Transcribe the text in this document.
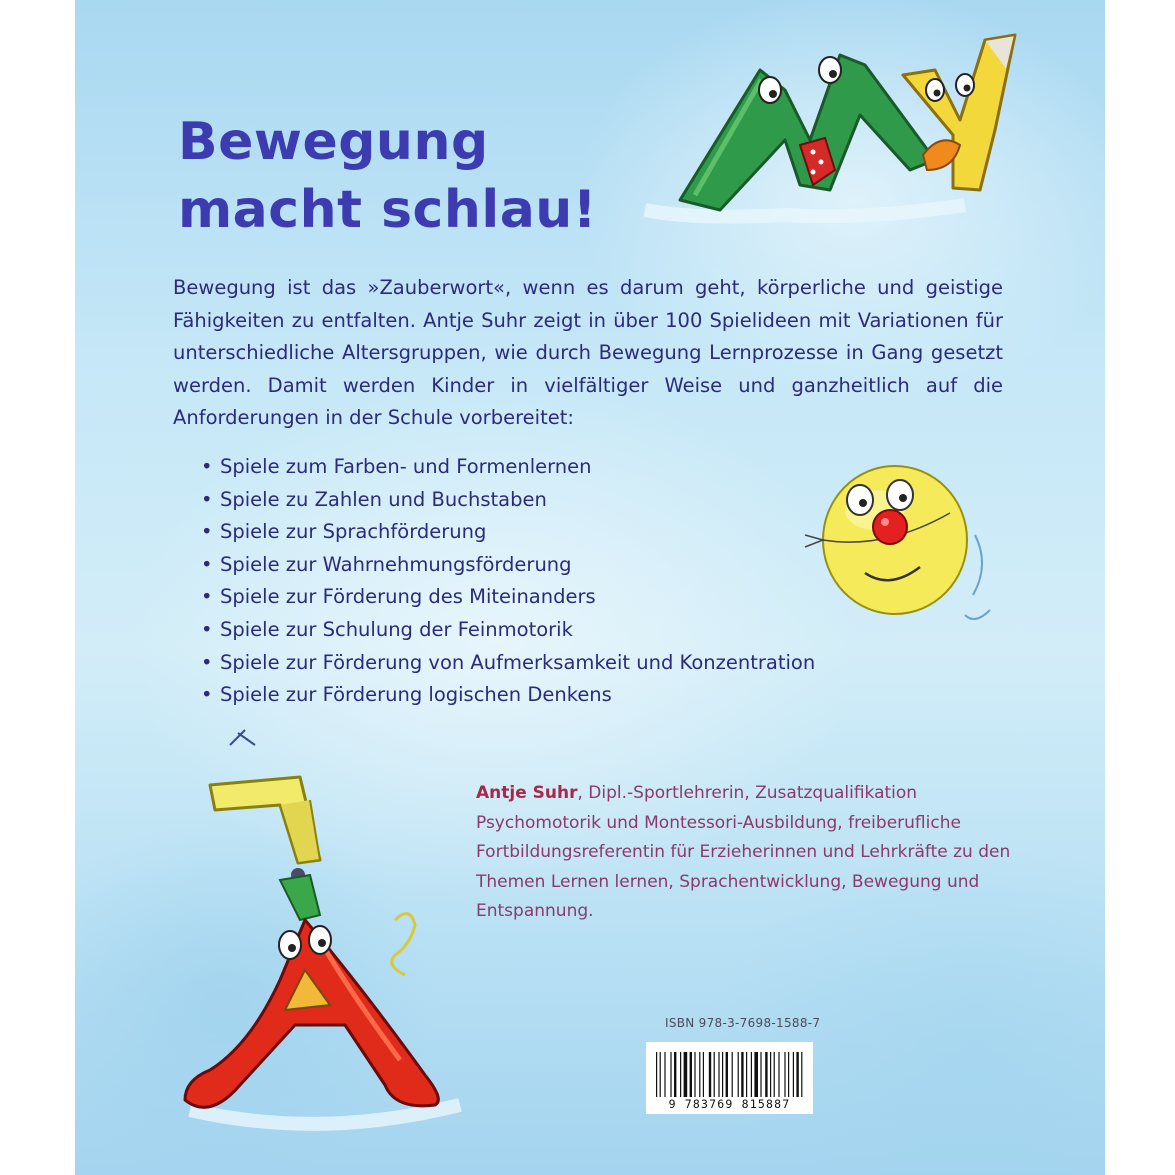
Bewegung
macht schlau!

Bewegung ist das »Zauberwort«, wenn es darum geht, körperliche und geistige Fähigkeiten zu entfalten. Antje Suhr zeigt in über 100 Spielideen mit Variationen für unterschiedliche Altersgruppen, wie durch Bewegung Lernprozesse in Gang gesetzt werden. Damit werden Kinder in vielfältiger Weise und ganzheitlich auf die Anforderungen in der Schule vorbereitet:

• Spiele zum Farben- und Formenlernen
• Spiele zu Zahlen und Buchstaben
• Spiele zur Sprachförderung
• Spiele zur Wahrnehmungsförderung
• Spiele zur Förderung des Miteinanders
• Spiele zur Schulung der Feinmotorik
• Spiele zur Förderung von Aufmerksamkeit und Konzentration
• Spiele zur Förderung logischen Denkens

Antje Suhr, Dipl.-Sportlehrerin, Zusatzqualifikation Psychomotorik und Montessori-Ausbildung, freiberufliche Fortbildungsreferentin für Erzieherinnen und Lehrkräfte zu den Themen Lernen lernen, Sprachentwicklung, Bewegung und Entspannung.

ISBN 978-3-7698-1588-7
9 783769 815887
